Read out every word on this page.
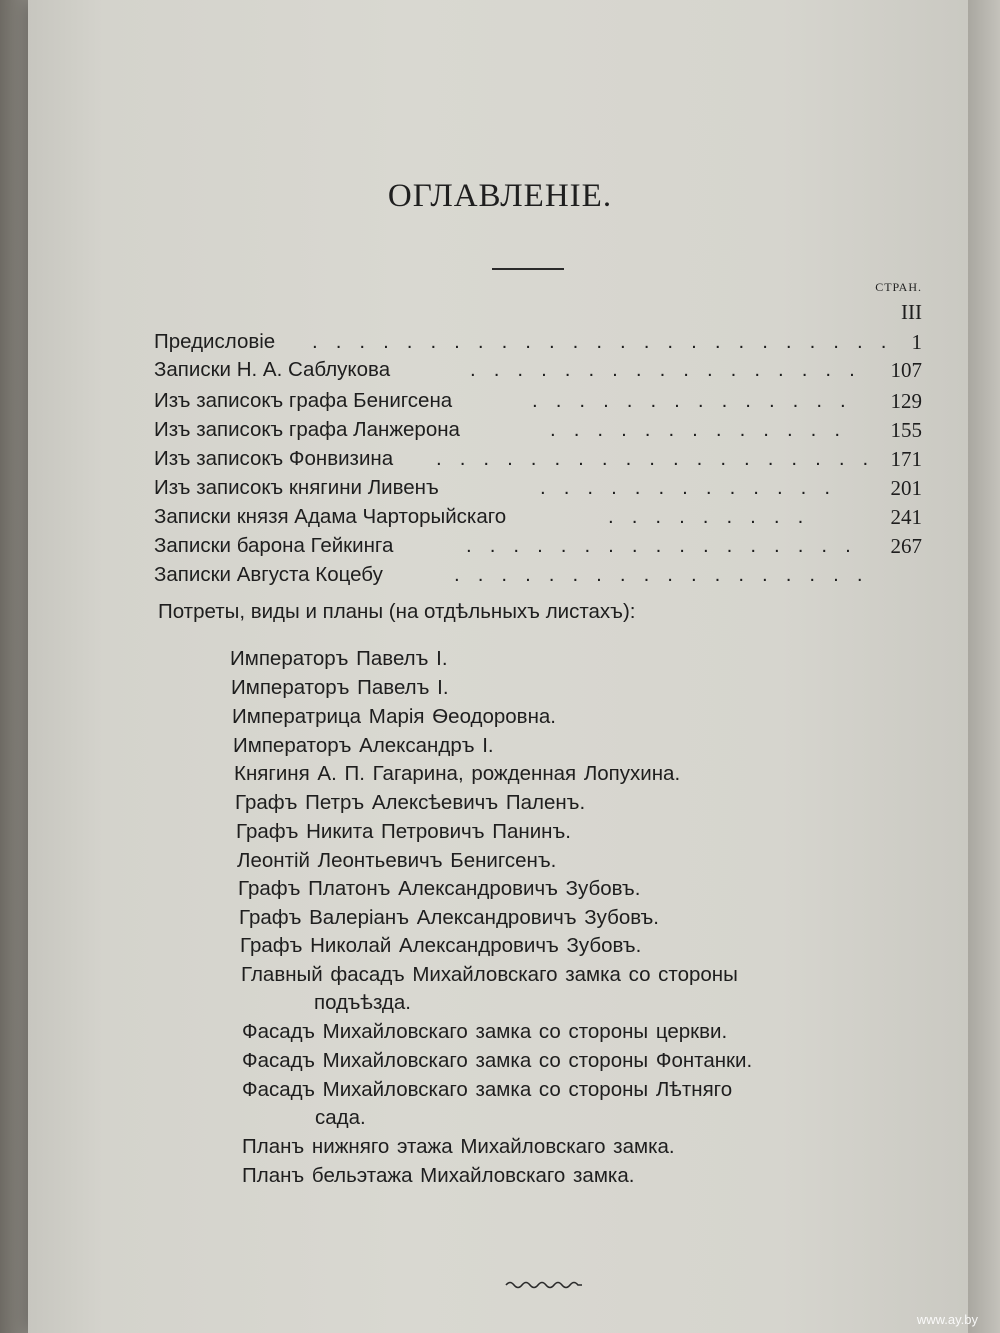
ОГЛАВЛЕНІЕ.
СТРАН.
III
Предисловіе ......................... 1
Записки Н. А. Саблукова	................. 107
Изъ записокъ графа Бенигсена	.............. 129
Изъ записокъ графа Ланжерона	............. 155
Изъ записокъ Фонвизина ................... 171
Изъ записокъ княгини Ливенъ	............. 201
Записки князя Адама Чарторыйскаго	.........	241
Записки барона Гейкинга	................. 267
Записки Августа Коцебу	..................
Потреты, виды и планы (на отдѣльныхъ листахъ):
Императоръ Павелъ I.
Императоръ Павелъ I.
Императрица Марія Ѳеодоровна.
Императоръ Александръ I.
Княгиня А. П. Гагарина, рожденная Лопухина.
Графъ Петръ Алексѣевичъ Паленъ.
Графъ Никита Петровичъ Панинъ.
Леонтій Леонтьевичъ Бенигсенъ.
Графъ Платонъ Александровичъ Зубовъ.
Графъ Валеріанъ Александровичъ Зубовъ.
Графъ Николай Александровичъ Зубовъ.
Главный фасадъ Михайловскаго замка со стороны
подъѣзда.
Фасадъ Михайловскаго замка со стороны церкви.
Фасадъ Михайловскаго замка со стороны Фонтанки.
Фасадъ Михайловскаго замка со стороны Лѣтняго
сада.
Планъ нижняго этажа Михайловскаго замка.
Планъ бельэтажа Михайловскаго замка.
www.ay.by
